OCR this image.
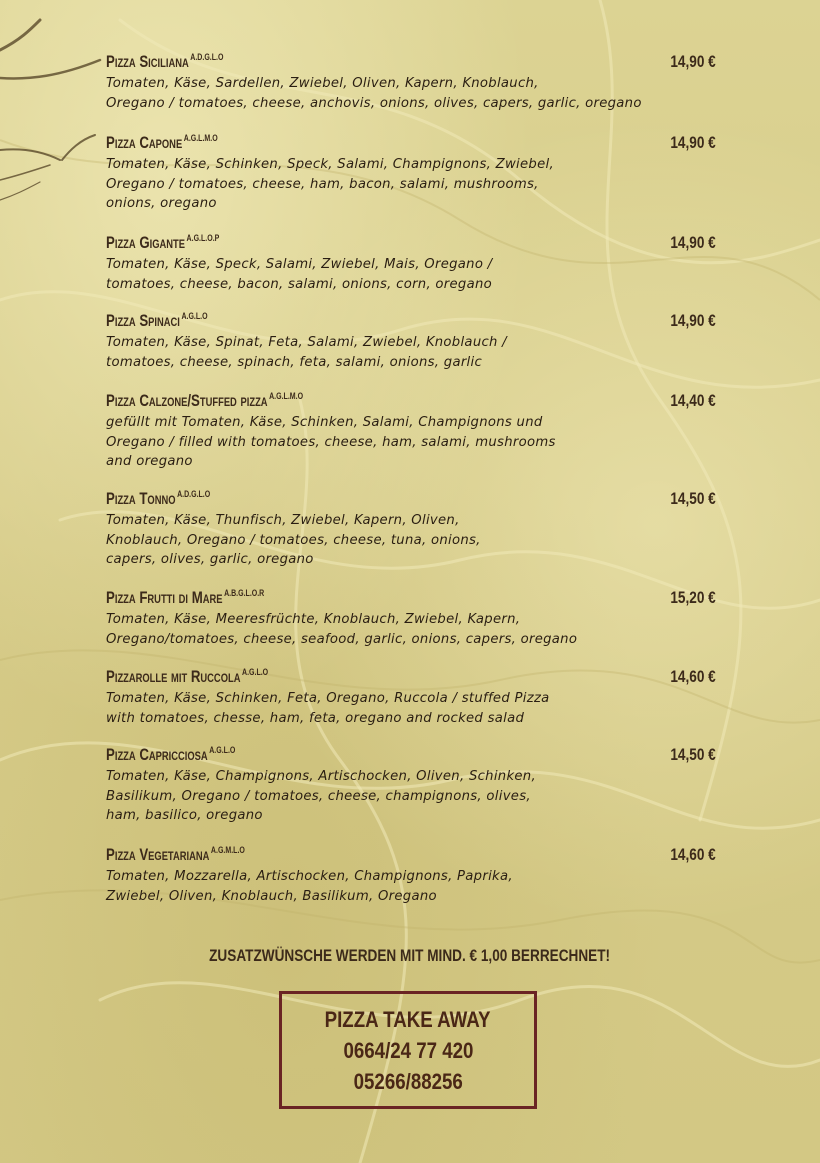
Pizza Siciliana $^{A.D.G.L.O}$	14,90 €
Tomaten, Käse, Sardellen, Zwiebel, Oliven, Kapern, Knoblauch,
Oregano / tomatoes, cheese, anchovis, onions, olives, capers, garlic, oregano
Pizza Capone $^{A.G.L.M.O}$	14,90 €
Tomaten, Käse, Schinken, Speck, Salami, Champignons, Zwiebel,
Oregano / tomatoes, cheese, ham, bacon, salami, mushrooms,
onions, oregano
Pizza Gigante $^{A.G.L.O.P}$	14,90 €
Tomaten, Käse, Speck, Salami, Zwiebel, Mais, Oregano /
tomatoes, cheese, bacon, salami, onions, corn, oregano
Pizza Spinaci $^{A.G.L.O}$	14,90 €
Tomaten, Käse, Spinat, Feta, Salami, Zwiebel, Knoblauch /
tomatoes, cheese, spinach, feta, salami, onions, garlic
Pizza Calzone/Stuffed pizza $^{A.G.L.M.O}$	14,40 €
gefüllt mit Tomaten, Käse, Schinken, Salami, Champignons und
Oregano / filled with tomatoes, cheese, ham, salami, mushrooms
and oregano
Pizza Tonno $^{A.D.G.L.O}$	14,50 €
Tomaten, Käse, Thunfisch, Zwiebel, Kapern, Oliven,
Knoblauch, Oregano / tomatoes, cheese, tuna, onions,
capers, olives, garlic, oregano
Pizza Frutti di Mare $^{A.B.G.L.O.R}$	15,20 €
Tomaten, Käse, Meeresfrüchte, Knoblauch, Zwiebel, Kapern,
Oregano/tomatoes, cheese, seafood, garlic, onions, capers, oregano
Pizzarolle mit Ruccola $^{A.G.L.O}$	14,60 €
Tomaten, Käse, Schinken, Feta, Oregano, Ruccola / stuffed Pizza
with tomatoes, chesse, ham, feta, oregano and rocked salad
Pizza Capricciosa $^{A.G.L.O}$	14,50 €
Tomaten, Käse, Champignons, Artischocken, Oliven, Schinken,
Basilikum, Oregano / tomatoes, cheese, champignons, olives,
ham, basilico, oregano
Pizza Vegetariana $^{A.G.M.L.O}$	14,60 €
Tomaten, Mozzarella, Artischocken, Champignons, Paprika,
Zwiebel, Oliven, Knoblauch, Basilikum, Oregano
ZUSATZWÜNSCHE WERDEN MIT MIND. € 1,00 BERRECHNET!
PIZZA TAKE AWAY
0664/24 77 420
05266/88256
